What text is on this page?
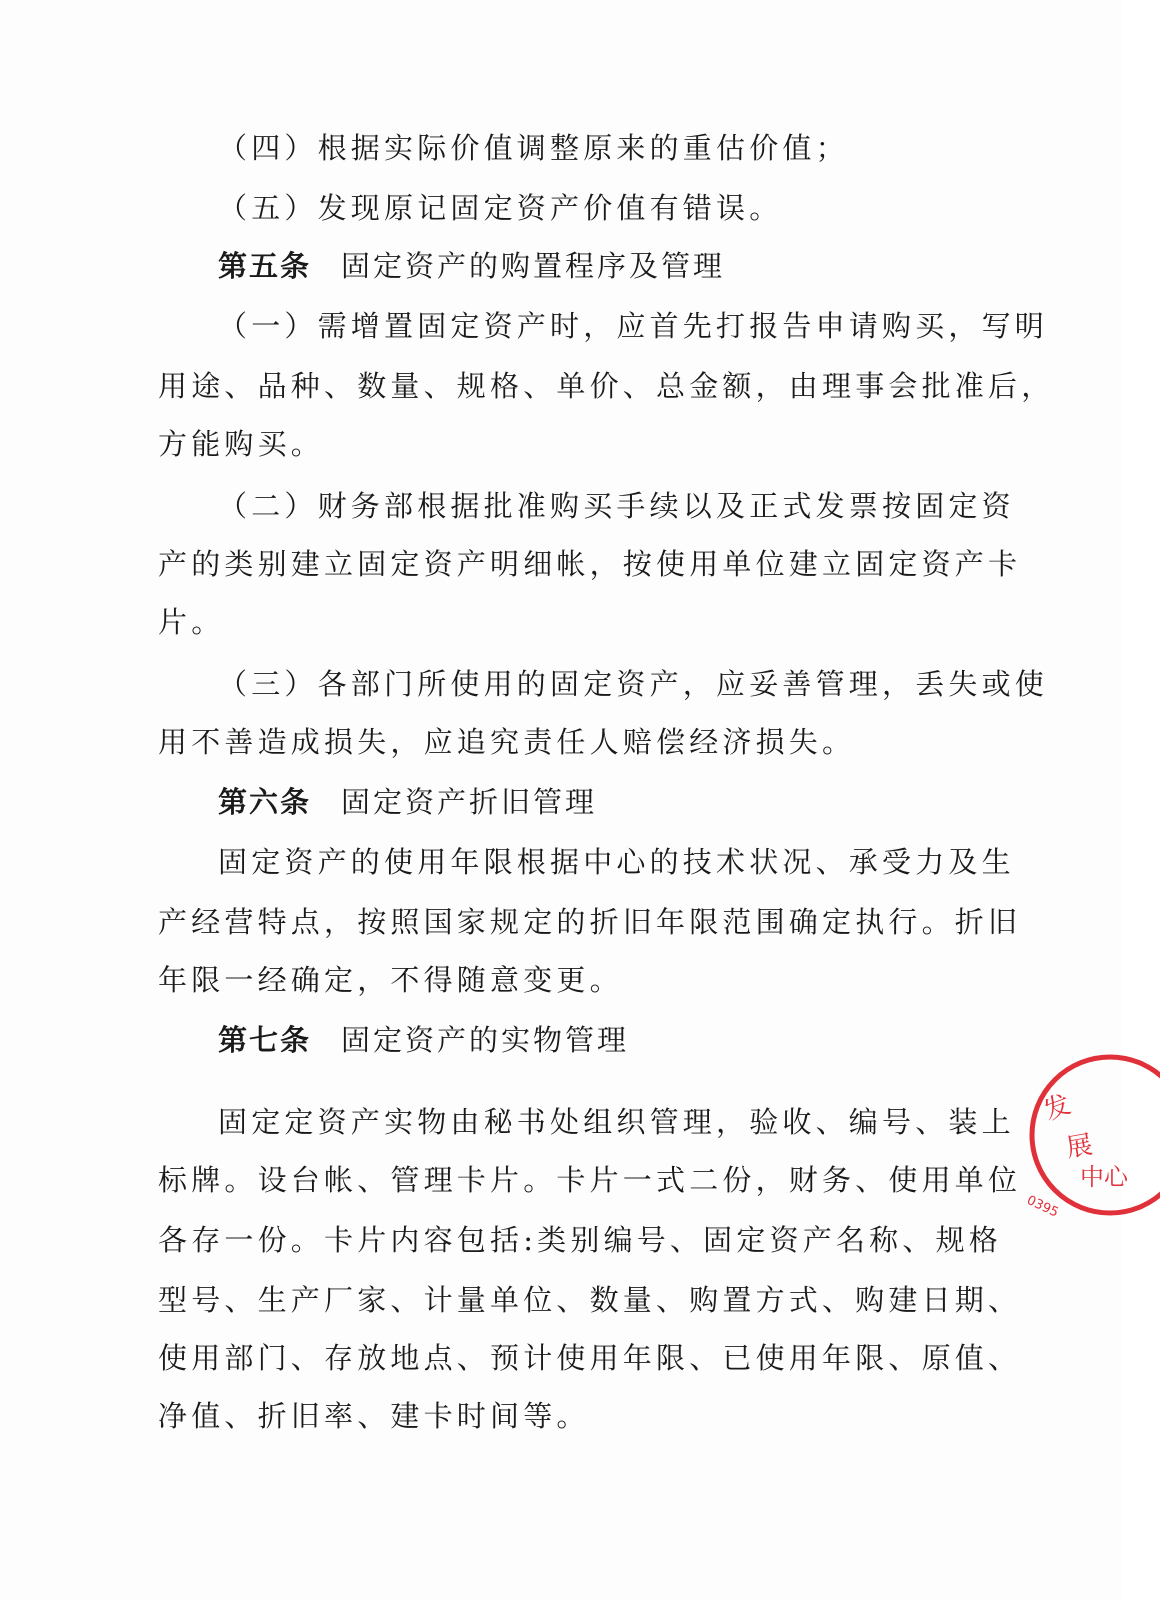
（四）根据实际价值调整原来的重估价值；
（五）发现原记固定资产价值有错误。
第五条 固定资产的购置程序及管理
（一）需增置固定资产时，应首先打报告申请购买，写明
用途、品种、数量、规格、单价、总金额，由理事会批准后，
方能购买。
（二）财务部根据批准购买手续以及正式发票按固定资
产的类别建立固定资产明细帐，按使用单位建立固定资产卡
片。
（三）各部门所使用的固定资产，应妥善管理，丢失或使
用不善造成损失，应追究责任人赔偿经济损失。
第六条 固定资产折旧管理
固定资产的使用年限根据中心的技术状况、承受力及生
产经营特点，按照国家规定的折旧年限范围确定执行。折旧
年限一经确定，不得随意变更。
第七条 固定资产的实物管理
固定定资产实物由秘书处组织管理，验收、编号、装上
标牌。设台帐、管理卡片。卡片一式二份，财务、使用单位
各存一份。卡片内容包括:类别编号、固定资产名称、规格
型号、生产厂家、计量单位、数量、购置方式、购建日期、
使用部门、存放地点、预计使用年限、已使用年限、原值、
净值、折旧率、建卡时间等。
发
展
中心
0395
